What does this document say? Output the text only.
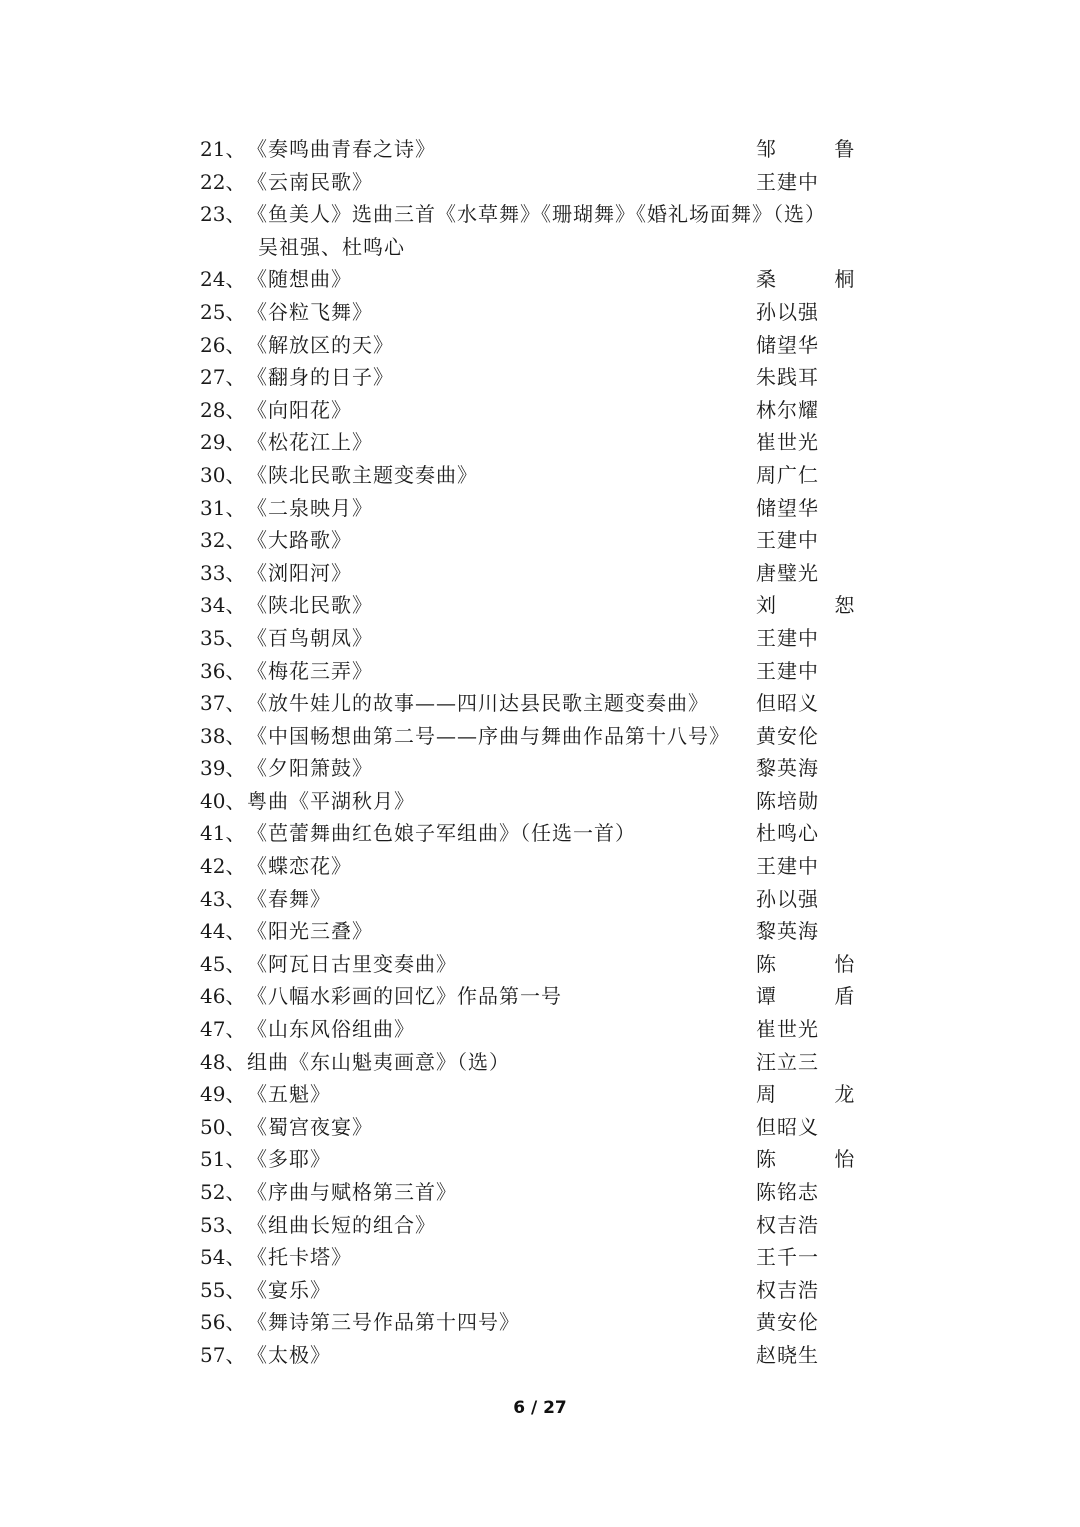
21、 《奏鸣曲青春之诗》	邹 鲁
22、 《云南民歌》	王建中
23、 《鱼美人》选曲三首《水草舞》《珊瑚舞》《婚礼场面舞》（选）
吴祖强、杜鸣心
24、 《随想曲》	桑 桐
25、 《谷粒飞舞》	孙以强
26、 《解放区的天》	储望华
27、 《翻身的日子》	朱践耳
28、 《向阳花》	林尔耀
29、 《松花江上》	崔世光
30、 《陕北民歌主题变奏曲》	周广仁
31、 《二泉映月》	储望华
32、 《大路歌》	王建中
33、 《浏阳河》	唐璧光
34、 《陕北民歌》	刘 恕
35、 《百鸟朝凤》	王建中
36、 《梅花三弄》	王建中
37、 《放牛娃儿的故事——四川达县民歌主题变奏曲》 但昭义
38、 《中国畅想曲第二号——序曲与舞曲作品第十八号》 黄安伦
39、 《夕阳箫鼓》	黎英海
40、 粤曲《平湖秋月》	陈培勋
41、 《芭蕾舞曲红色娘子军组曲》（任选一首）	杜鸣心
42、 《蝶恋花》	王建中
43、 《春舞》	孙以强
44、 《阳光三叠》	黎英海
45、 《阿瓦日古里变奏曲》	陈 怡
46、 《八幅水彩画的回忆》作品第一号	谭 盾
47、 《山东风俗组曲》	崔世光
48、 组曲《东山魁夷画意》（选）	汪立三
49、 《五魁》	周 龙
50、 《蜀宫夜宴》	但昭义
51、 《多耶》	陈 怡
52、 《序曲与赋格第三首》	陈铭志
53、 《组曲长短的组合》	权吉浩
54、 《托卡塔》	王千一
55、 《宴乐》	权吉浩
56、 《舞诗第三号作品第十四号》	黄安伦
57、 《太极》	赵晓生
6 / 27
